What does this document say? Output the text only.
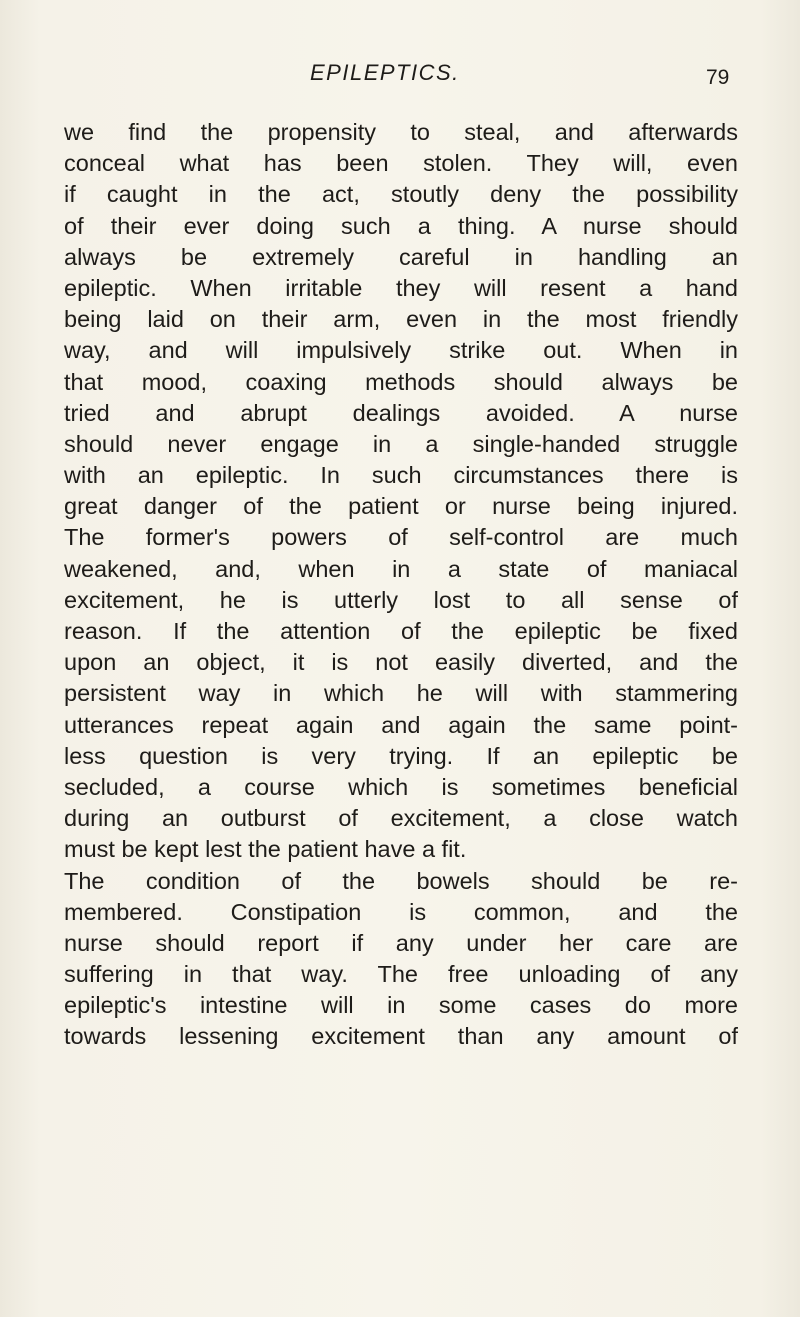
EPILEPTICS.	79
we find the propensity to steal, and afterwards
conceal what has been stolen. They will, even
if caught in the act, stoutly deny the possibility
of their ever doing such a thing. A nurse should
always be extremely careful in handling an
epileptic. When irritable they will resent a hand
being laid on their arm, even in the most friendly
way, and will impulsively strike out. When in
that mood, coaxing methods should always be
tried and abrupt dealings avoided. A nurse
should never engage in a single-handed struggle
with an epileptic. In such circumstances there is
great danger of the patient or nurse being injured.
The former's powers of self-control are much
weakened, and, when in a state of maniacal
excitement, he is utterly lost to all sense of
reason. If the attention of the epileptic be fixed
upon an object, it is not easily diverted, and the
persistent way in which he will with stammering
utterances repeat again and again the same point-
less question is very trying. If an epileptic be
secluded, a course which is sometimes beneficial
during an outburst of excitement, a close watch
must be kept lest the patient have a fit.
The condition of the bowels should be re-
membered. Constipation is common, and the
nurse should report if any under her care are
suffering in that way. The free unloading of any
epileptic's intestine will in some cases do more
towards lessening excitement than any amount of
